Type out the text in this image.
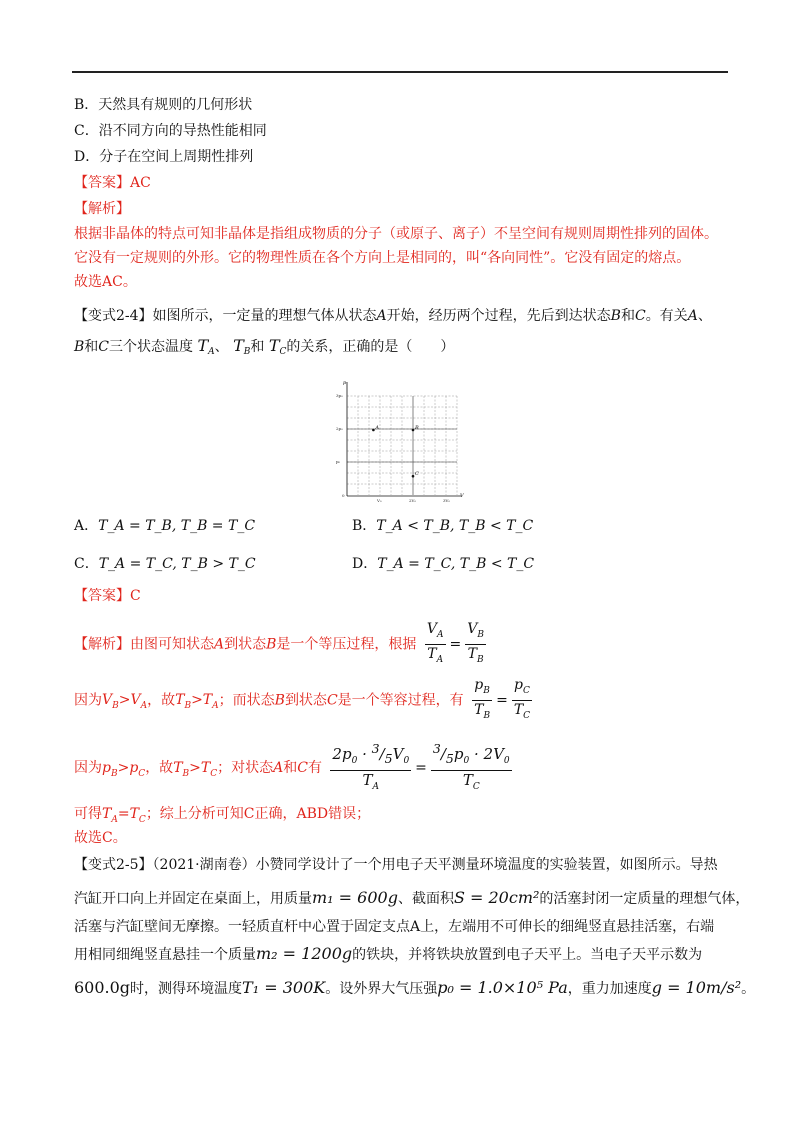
B．天然具有规则的几何形状
C．沿不同方向的导热性能相同
D．分子在空间上周期性排列
【答案】AC
【解析】
根据非晶体的特点可知非晶体是指组成物质的分子（或原子、离子）不呈空间有规则周期性排列的固体。
它没有一定规则的外形。它的物理性质在各个方向上是相同的，叫“各向同性”。它没有固定的熔点。
故选AC。
【变式2-4】如图所示，一定量的理想气体从状态A开始，经历两个过程，先后到达状态B和C。有关A、
B和C三个状态温度 $T_A$、 $T_B$和 $T_C$的关系，正确的是（　　）
p
V
3p₀
2p₀
p₀
0
V₀	2V₀	3V₀
A	B
C
A．T_A = T_B, T_B = T_C	B．T_A < T_B, T_B < T_C
C．T_A = T_C, T_B > T_C	D．T_A = T_C, T_B < T_C
【答案】C
【解析】由图可知状态A到状态B是一个等压过程，根据 $\frac{V_A}{T_A} = \frac{V_B}{T_B}$
因为$V_B>V_A$，故$T_B>T_A$；而状态B到状态C是一个等容过程，有 $\frac{p_B}{T_B} = \frac{p_C}{T_C}$
因为$p_B>p_C$，故$T_B>T_C$；对状态A和C有 $\frac{2p_0 \cdot ^3/_5V_0}{T_A} = \frac{^3/_5p_0 \cdot 2V_0}{T_C}$
可得$T_A=T_C$；综上分析可知C正确，ABD错误；
故选C。
【变式2-5】（2021·湖南卷）小赞同学设计了一个用电子天平测量环境温度的实验装置，如图所示。导热
汽缸开口向上并固定在桌面上，用质量m₁ = 600g、截面积S = 20cm²的活塞封闭一定质量的理想气体，
活塞与汽缸壁间无摩擦。一轻质直杆中心置于固定支点A上，左端用不可伸长的细绳竖直悬挂活塞，右端
用相同细绳竖直悬挂一个质量m₂ = 1200g的铁块，并将铁块放置到电子天平上。当电子天平示数为
600.0g时，测得环境温度T₁ = 300K。设外界大气压强p₀ = 1.0×10⁵ Pa，重力加速度g = 10m/s²。
